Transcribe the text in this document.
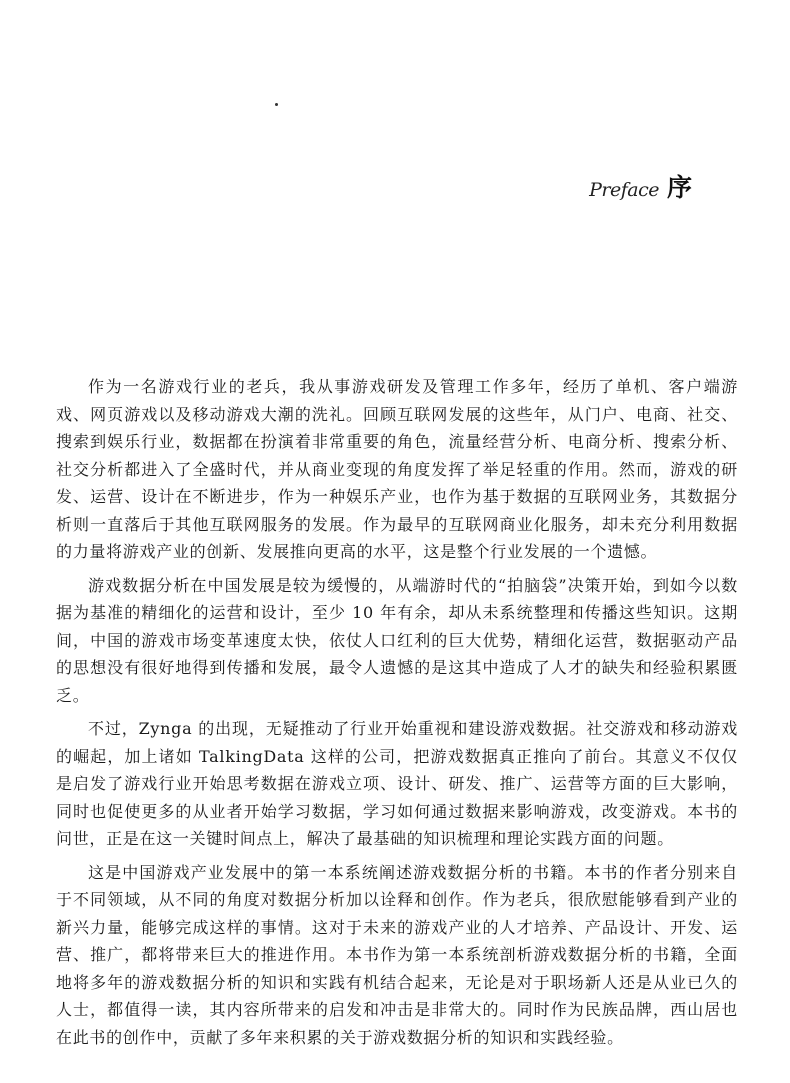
Preface 序

作为一名游戏行业的老兵，我从事游戏研发及管理工作多年，经历了单机、客户端游戏、网页游戏以及移动游戏大潮的洗礼。回顾互联网发展的这些年，从门户、电商、社交、搜索到娱乐行业，数据都在扮演着非常重要的角色，流量经营分析、电商分析、搜索分析、社交分析都进入了全盛时代，并从商业变现的角度发挥了举足轻重的作用。然而，游戏的研发、运营、设计在不断进步，作为一种娱乐产业，也作为基于数据的互联网业务，其数据分析则一直落后于其他互联网服务的发展。作为最早的互联网商业化服务，却未充分利用数据的力量将游戏产业的创新、发展推向更高的水平，这是整个行业发展的一个遗憾。

游戏数据分析在中国发展是较为缓慢的，从端游时代的“拍脑袋”决策开始，到如今以数据为基准的精细化的运营和设计，至少 10 年有余，却从未系统整理和传播这些知识。这期间，中国的游戏市场变革速度太快，依仗人口红利的巨大优势，精细化运营，数据驱动产品的思想没有很好地得到传播和发展，最令人遗憾的是这其中造成了人才的缺失和经验积累匮乏。

不过，Zynga 的出现，无疑推动了行业开始重视和建设游戏数据。社交游戏和移动游戏的崛起，加上诸如 TalkingData 这样的公司，把游戏数据真正推向了前台。其意义不仅仅是启发了游戏行业开始思考数据在游戏立项、设计、研发、推广、运营等方面的巨大影响，同时也促使更多的从业者开始学习数据，学习如何通过数据来影响游戏，改变游戏。本书的问世，正是在这一关键时间点上，解决了最基础的知识梳理和理论实践方面的问题。

这是中国游戏产业发展中的第一本系统阐述游戏数据分析的书籍。本书的作者分别来自于不同领域，从不同的角度对数据分析加以诠释和创作。作为老兵，很欣慰能够看到产业的新兴力量，能够完成这样的事情。这对于未来的游戏产业的人才培养、产品设计、开发、运营、推广，都将带来巨大的推进作用。本书作为第一本系统剖析游戏数据分析的书籍，全面地将多年的游戏数据分析的知识和实践有机结合起来，无论是对于职场新人还是从业已久的人士，都值得一读，其内容所带来的启发和冲击是非常大的。同时作为民族品牌，西山居也在此书的创作中，贡献了多年来积累的关于游戏数据分析的知识和实践经验。
